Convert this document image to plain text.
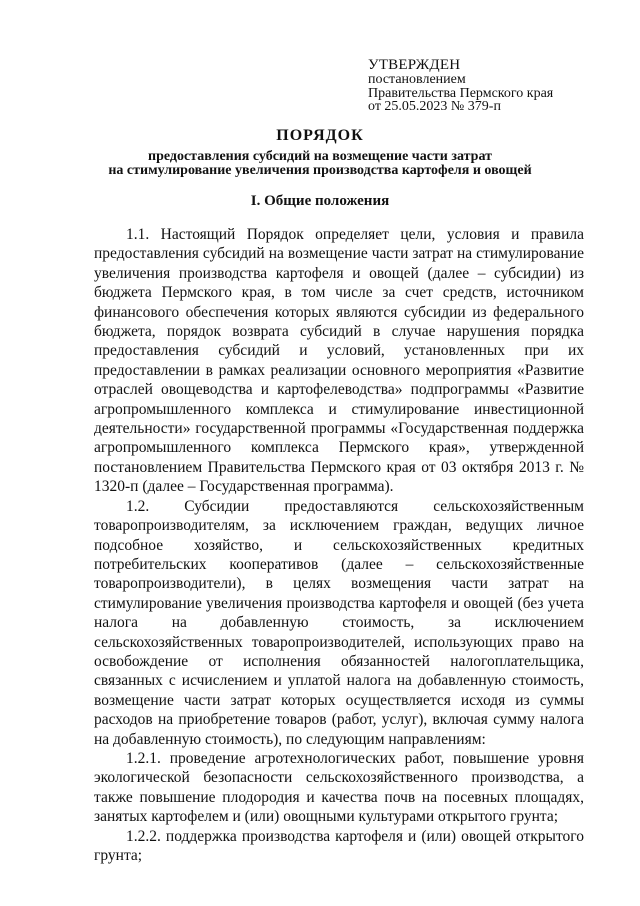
УТВЕРЖДЕН
постановлением
Правительства Пермского края
от 25.05.2023 № 379-п
ПОРЯДОК
предоставления субсидий на возмещение части затрат
на стимулирование увеличения производства картофеля и овощей
I. Общие положения

1.1. Настоящий Порядок определяет цели, условия и правила предоставления субсидий на возмещение части затрат на стимулирование увеличения производства картофеля и овощей (далее – субсидии) из бюджета Пермского края, в том числе за счет средств, источником финансового обеспечения которых являются субсидии из федерального бюджета, порядок возврата субсидий в случае нарушения порядка предоставления субсидий и условий, установленных при их предоставлении в рамках реализации основного мероприятия «Развитие отраслей овощеводства и картофелеводства» подпрограммы «Развитие агропромышленного комплекса и стимулирование инвестиционной деятельности» государственной программы «Государственная поддержка агропромышленного комплекса Пермского края», утвержденной постановлением Правительства Пермского края от 03 октября 2013 г. № 1320-п (далее – Государственная программа).

1.2. Субсидии предоставляются сельскохозяйственным товаропроизводителям, за исключением граждан, ведущих личное подсобное хозяйство, и сельскохозяйственных кредитных потребительских кооперативов (далее – сельскохозяйственные товаропроизводители), в целях возмещения части затрат на стимулирование увеличения производства картофеля и овощей (без учета налога на добавленную стоимость, за исключением сельскохозяйственных товаропроизводителей, использующих право на освобождение от исполнения обязанностей налогоплательщика, связанных с исчислением и уплатой налога на добавленную стоимость, возмещение части затрат которых осуществляется исходя из суммы расходов на приобретение товаров (работ, услуг), включая сумму налога на добавленную стоимость), по следующим направлениям:

1.2.1. проведение агротехнологических работ, повышение уровня экологической безопасности сельскохозяйственного производства, а также повышение плодородия и качества почв на посевных площадях, занятых картофелем и (или) овощными культурами открытого грунта;

1.2.2. поддержка производства картофеля и (или) овощей открытого грунта;
